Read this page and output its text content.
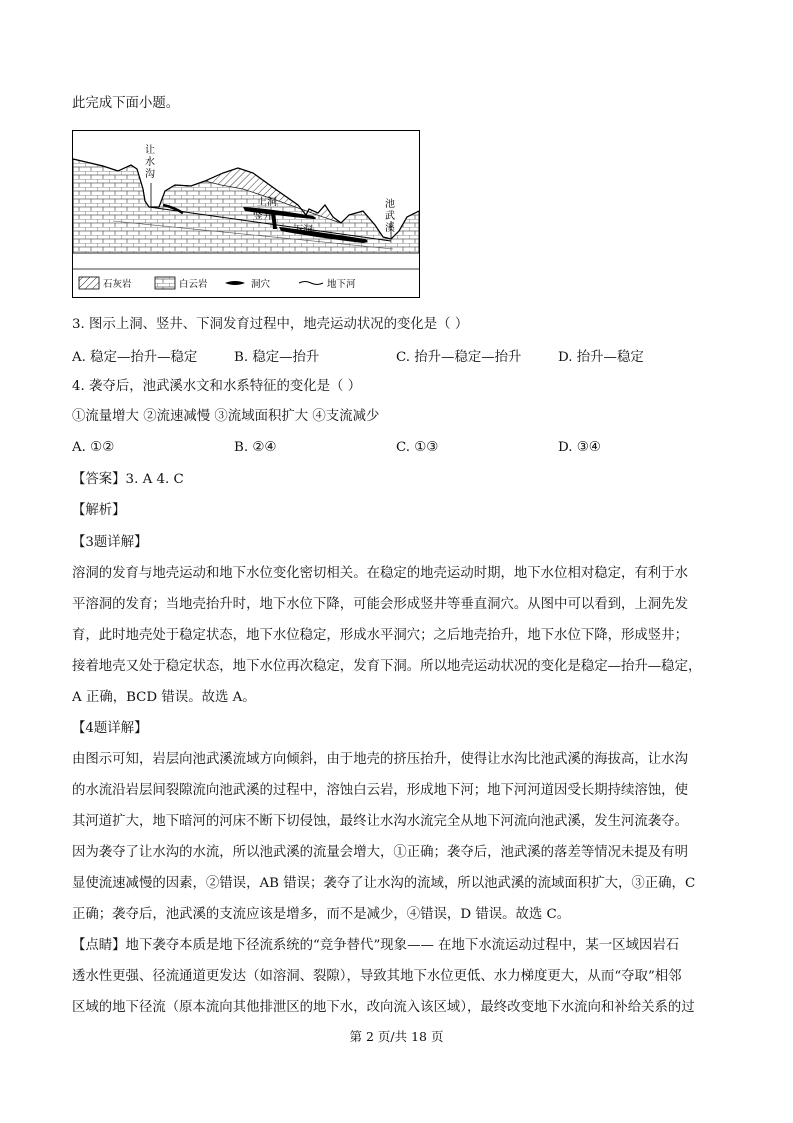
此完成下面小题。
让
水
沟
池
武
溪
上洞
竖井
下洞
石灰岩	白云岩	洞穴	地下河
3. 图示上洞、竖井、下洞发育过程中，地壳运动状况的变化是（ ）
A. 稳定—抬升—稳定	B. 稳定—抬升	C. 抬升—稳定—抬升	D. 抬升—稳定
4. 袭夺后，池武溪水文和水系特征的变化是（ ）
①流量增大 ②流速减慢 ③流域面积扩大 ④支流减少
A. ①②	B. ②④	C. ①③	D. ③④
【答案】3. A 4. C
【解析】
【3题详解】
溶洞的发育与地壳运动和地下水位变化密切相关。在稳定的地壳运动时期，地下水位相对稳定，有利于水
平溶洞的发育；当地壳抬升时，地下水位下降，可能会形成竖井等垂直洞穴。从图中可以看到，上洞先发
育，此时地壳处于稳定状态，地下水位稳定，形成水平洞穴；之后地壳抬升，地下水位下降，形成竖井；
接着地壳又处于稳定状态，地下水位再次稳定，发育下洞。所以地壳运动状况的变化是稳定—抬升—稳定，
A 正确，BCD 错误。故选 A。
【4题详解】
由图示可知，岩层向池武溪流域方向倾斜，由于地壳的挤压抬升，使得让水沟比池武溪的海拔高，让水沟
的水流沿岩层间裂隙流向池武溪的过程中，溶蚀白云岩，形成地下河；地下河河道因受长期持续溶蚀，使
其河道扩大，地下暗河的河床不断下切侵蚀，最终让水沟水流完全从地下河流向池武溪，发生河流袭夺。
因为袭夺了让水沟的水流，所以池武溪的流量会增大，①正确；袭夺后，池武溪的落差等情况未提及有明
显使流速减慢的因素，②错误，AB 错误；袭夺了让水沟的流域，所以池武溪的流域面积扩大，③正确，C
正确；袭夺后，池武溪的支流应该是增多，而不是减少，④错误，D 错误。故选 C。
【点睛】地下袭夺本质是地下径流系统的“竞争替代”现象—— 在地下水流运动过程中，某一区域因岩石
透水性更强、径流通道更发达（如溶洞、裂隙），导致其地下水位更低、水力梯度更大，从而“夺取”相邻
区域的地下径流（原本流向其他排泄区的地下水，改向流入该区域），最终改变地下水流向和补给关系的过
第 2 页/共 18 页
